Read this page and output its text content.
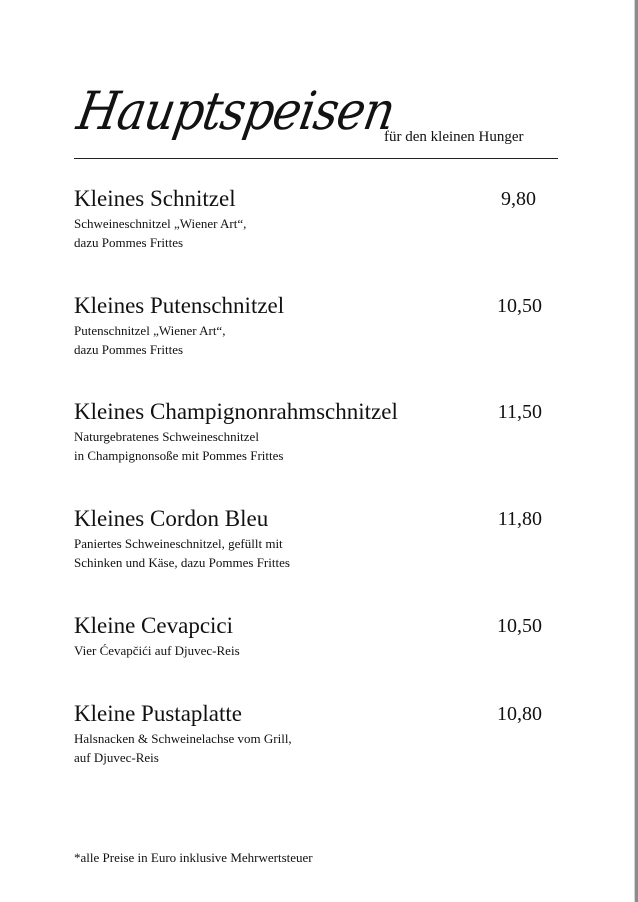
Hauptspeisen
für den kleinen Hunger
Kleines Schnitzel	9,80
Schweineschnitzel „Wiener Art“,
dazu Pommes Frittes
Kleines Putenschnitzel	10,50
Putenschnitzel „Wiener Art“,
dazu Pommes Frittes
Kleines Champignonrahmschnitzel	11,50
Naturgebratenes Schweineschnitzel
in Champignonsoße mit Pommes Frittes
Kleines Cordon Bleu	11,80
Paniertes Schweineschnitzel, gefüllt mit
Schinken und Käse, dazu Pommes Frittes
Kleine Cevapcici	10,50
Vier Ćevapčići auf Djuvec-Reis
Kleine Pustaplatte	10,80
Halsnacken & Schweinelachse vom Grill,
auf Djuvec-Reis
*alle Preise in Euro inklusive Mehrwertsteuer
